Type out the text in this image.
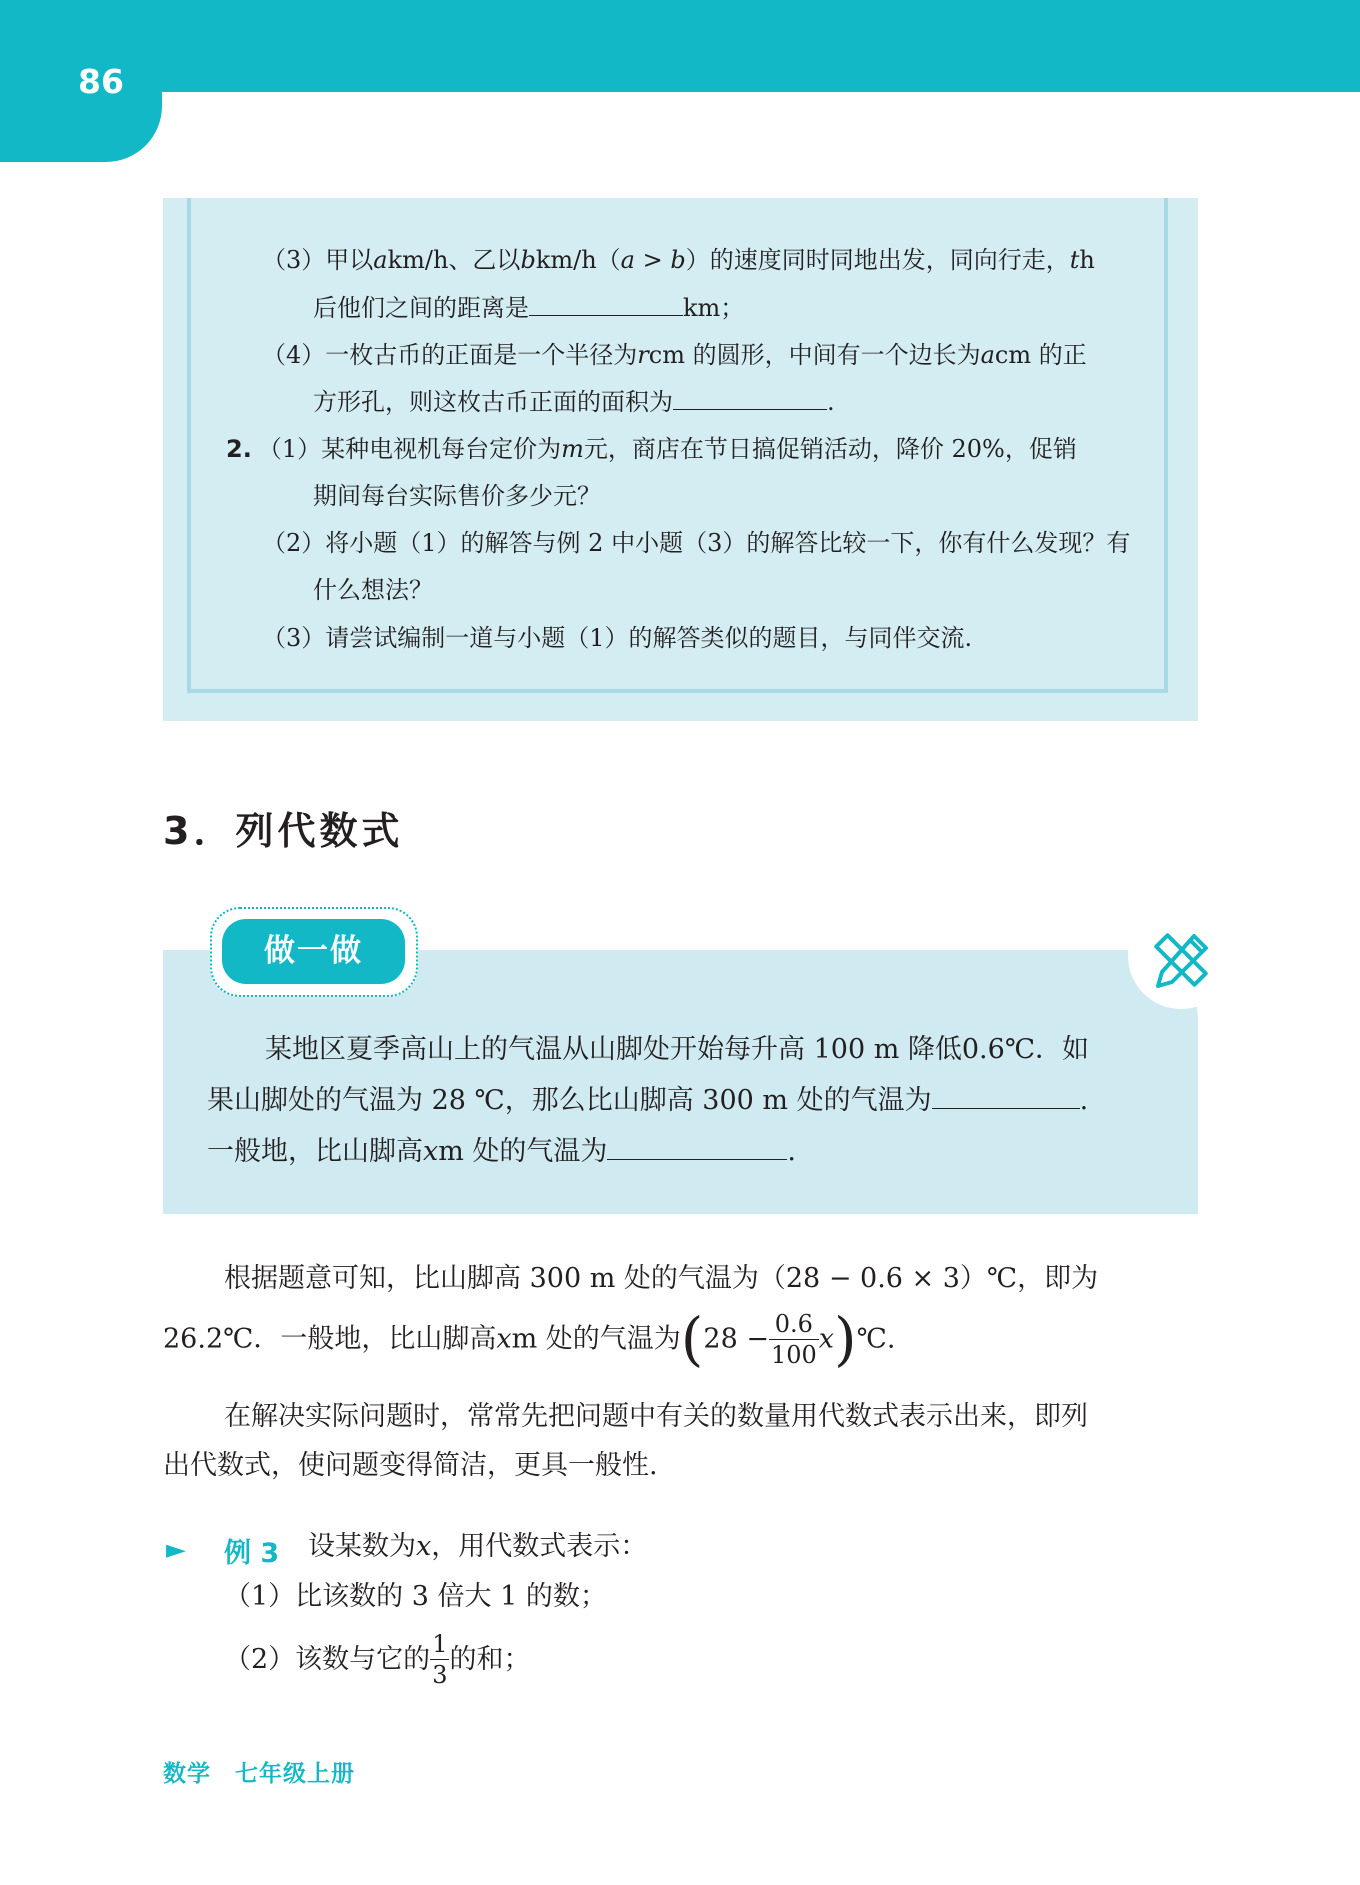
86
（3）甲以akm/h、乙以bkm/h（a > b）的速度同时同地出发，同向行走，th
后他们之间的距离是	km；
（4）一枚古币的正面是一个半径为rcm 的圆形，中间有一个边长为acm 的正
方形孔，则这枚古币正面的面积为	.
2. （1）某种电视机每台定价为m元，商店在节日搞促销活动，降价 20%，促销
期间每台实际售价多少元？
（2）将小题（1）的解答与例 2 中小题（3）的解答比较一下，你有什么发现？有
什么想法？
（3）请尝试编制一道与小题（1）的解答类似的题目，与同伴交流.
3．列代数式
做一做
某地区夏季高山上的气温从山脚处开始每升高 100 m 降低0.6℃．如
果山脚处的气温为 28 ℃，那么比山脚高 300 m 处的气温为	.
一般地，比山脚高xm 处的气温为	.
根据题意可知，比山脚高 300 m 处的气温为（28 − 0.6 × 3）℃，即为
26.2℃．一般地，比山脚高xm 处的气温为($28 - \frac{0.6}{100}$ x)℃.
在解决实际问题时，常常先把问题中有关的数量用代数式表示出来，即列
出代数式，使问题变得简洁，更具一般性.
► 例 3 设某数为x，用代数式表示：
（1）比该数的 3 倍大 1 的数；
（2）该数与它的 $\frac{1}{3}$ 的和；
数学　七年级上册
